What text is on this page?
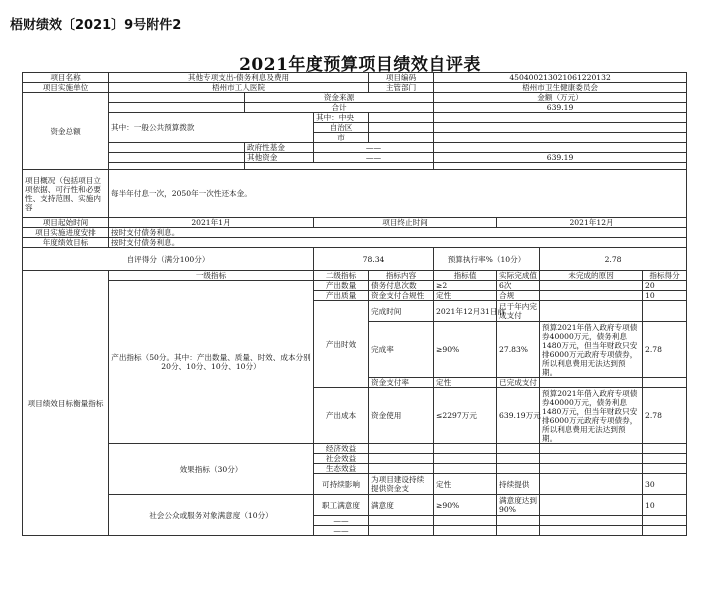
梧财绩效〔2021〕9号附件2
2021年度预算项目绩效自评表
项目名称	其他专项支出-债务利息及费用			项目编码	450400213021061220132			
项目实施单位	梧州市工人医院			主管部门	梧州市卫生健康委员会			
资金总额		资金来源			金额（万元）			
		合计			639.19			
	其中：一般公共预算拨款		其中：中央					
			自治区					
			市					
		政府性基金	——					
		其他资金	——		639.19			

项目概况（包括项目立项依据、可行性和必要性、支持范围、实施内容	每半年付息一次，2050年一次性还本金。							
项目起始时间	2021年1月		项目终止时间			2021年12月		
项目实施进度安排	按时支付债务利息。							
年度绩效目标	按时支付债务利息。							
自评得分（满分100分）			78.34		预算执行率%（10分）		2.78	
项目绩效目标衡量指标	一级指标		二级指标	指标内容	指标值	实际完成值	未完成的原因	指标得分
	产出指标（50分。其中：产出数量、质量、时效、成本分别20分、10分、10分、10分）		产出数量	债务付息次数	≥2	6次		20
			产出质量	资金支付合规性	定性	合规		10
			产出时效	完成时间	2021年12月31日前	已于年内完成支付		
				完成率	≥90%	27.83%	预算2021年借入政府专项债券40000万元，债务利息1480万元，但当年财政只安排6000万元政府专项债券，所以利息费用无法达到预期。	2.78
				资金支付率	定性	已完成支付		
			产出成本	资金使用	≤2297万元	639.19万元	预算2021年借入政府专项债券40000万元，债务利息1480万元，但当年财政只安排6000万元政府专项债券，所以利息费用无法达到预期。	2.78
	效果指标（30分）		经济效益					
			社会效益					
			生态效益					
			可持续影响	为项目建设持续提供资金支	定性	持续提供		30
	社会公众或服务对象满意度（10分）		职工满意度	满意度	≥90%	满意度达到90%		10
			——					
			——					
